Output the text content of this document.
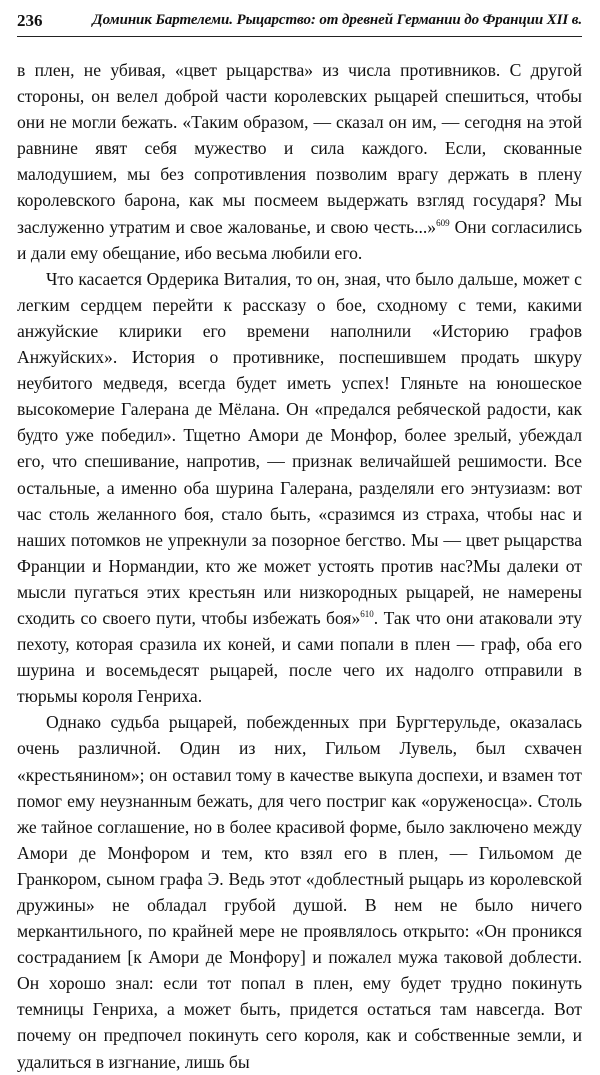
236	Доминик Бартелеми. Рыцарство: от древней Германии до Франции XII в.

в плен, не убивая, «цвет рыцарства» из числа противников. С другой стороны, он велел доброй части королевских рыцарей спешиться, чтобы они не могли бежать. «Таким образом, — сказал он им, — сегодня на этой равнине явят себя мужество и сила каждого. Если, скованные малодушием, мы без сопротивления позволим врагу держать в плену королевского барона, как мы посмеем выдержать взгляд государя? Мы заслуженно утратим и свое жалованье, и свою честь...»$^{609}$ Они согласились и дали ему обещание, ибо весьма любили его.

Что касается Ордерика Виталия, то он, зная, что было дальше, может с легким сердцем перейти к рассказу о бое, сходному с теми, какими анжуйские клирики его времени наполнили «Историю графов Анжуйских». История о противнике, поспешившем продать шкуру неубитого медведя, всегда будет иметь успех! Гляньте на юношеское высокомерие Галерана де Мёлана. Он «предался ребяческой радости, как будто уже победил». Тщетно Амори де Монфор, более зрелый, убеждал его, что спешивание, напротив, — признак величайшей решимости. Все остальные, а именно оба шурина Галерана, разделяли его энтузиазм: вот час столь желанного боя, стало быть, «сразимся из страха, чтобы нас и наших потомков не упрекнули за позорное бегство. Мы — цвет рыцарства Франции и Нормандии, кто же может устоять против нас?Мы далеки от мысли пугаться этих крестьян или низкородных рыцарей, не намерены сходить со своего пути, чтобы избежать боя»$^{610}$. Так что они атаковали эту пехоту, которая сразила их коней, и сами попали в плен — граф, оба его шурина и восемьдесят рыцарей, после чего их надолго отправили в тюрьмы короля Генриха.

Однако судьба рыцарей, побежденных при Бургтерульде, оказалась очень различной. Один из них, Гильом Лувель, был схвачен «крестьянином»; он оставил тому в качестве выкупа доспехи, и взамен тот помог ему неузнанным бежать, для чего постриг как «оруженосца». Столь же тайное соглашение, но в более красивой форме, было заключено между Амори де Монфором и тем, кто взял его в плен, — Гильомом де Гранкором, сыном графа Э. Ведь этот «доблестный рыцарь из королевской дружины» не обладал грубой душой. В нем не было ничего меркантильного, по крайней мере не проявлялось открыто: «Он проникся состраданием [к Амори де Монфору] и пожалел мужа таковой доблести. Он хорошо знал: если тот попал в плен, ему будет трудно покинуть темницы Генриха, а может быть, придется остаться там навсегда. Вот почему он предпочел покинуть сего короля, как и собственные земли, и удалиться в изгнание, лишь бы
